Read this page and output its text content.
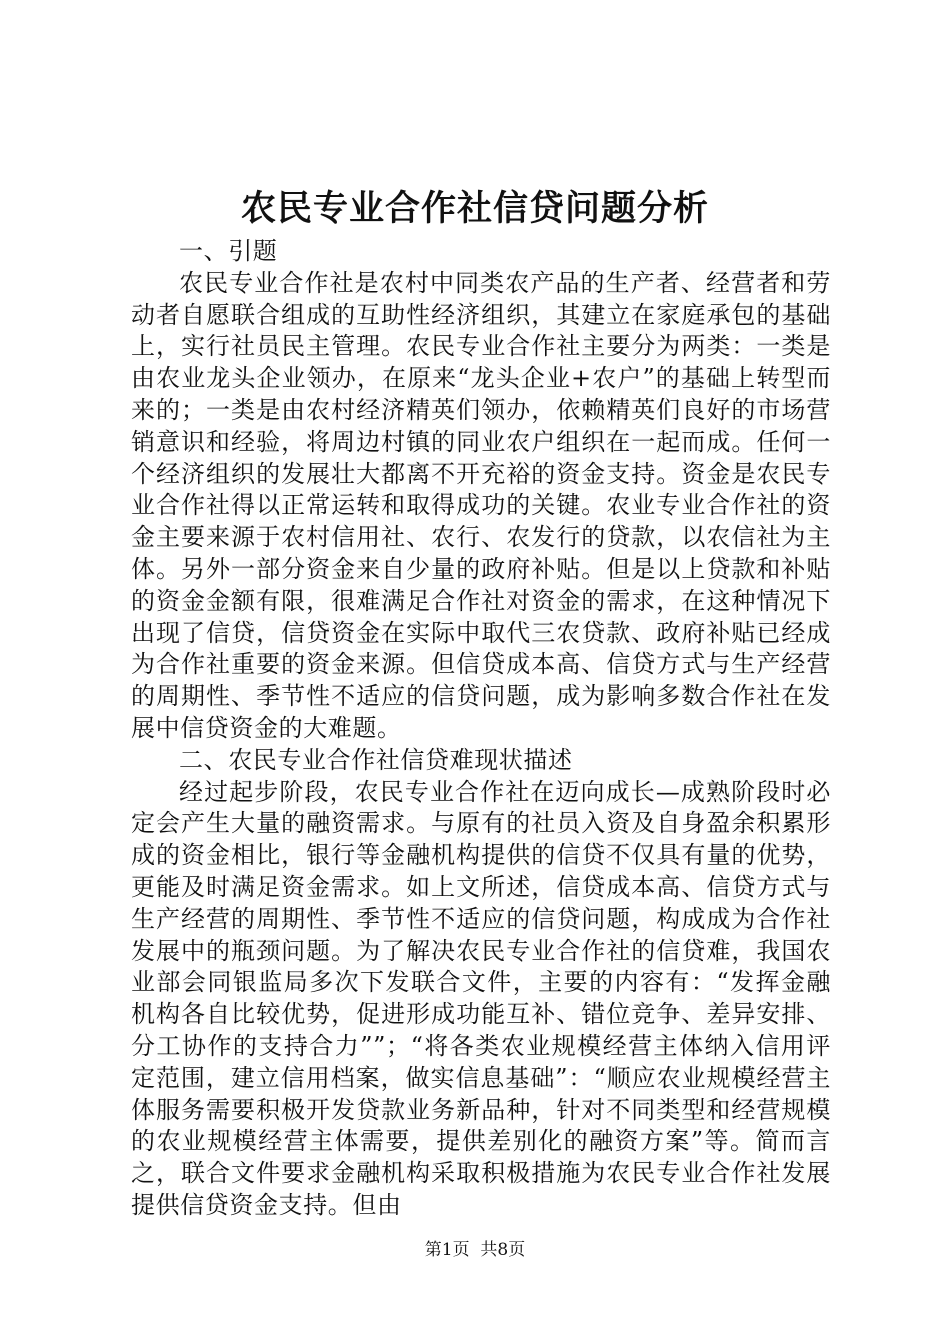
农民专业合作社信贷问题分析

一、引题

农民专业合作社是农村中同类农产品的生产者、经营者和劳动者自愿联合组成的互助性经济组织，其建立在家庭承包的基础上，实行社员民主管理。农民专业合作社主要分为两类：一类是由农业龙头企业领办，在原来“龙头企业+农户”的基础上转型而来的；一类是由农村经济精英们领办，依赖精英们良好的市场营销意识和经验，将周边村镇的同业农户组织在一起而成。任何一个经济组织的发展壮大都离不开充裕的资金支持。资金是农民专业合作社得以正常运转和取得成功的关键。农业专业合作社的资金主要来源于农村信用社、农行、农发行的贷款，以农信社为主体。另外一部分资金来自少量的政府补贴。但是以上贷款和补贴的资金金额有限，很难满足合作社对资金的需求，在这种情况下出现了信贷，信贷资金在实际中取代三农贷款、政府补贴已经成为合作社重要的资金来源。但信贷成本高、信贷方式与生产经营的周期性、季节性不适应的信贷问题，成为影响多数合作社在发展中信贷资金的大难题。

二、农民专业合作社信贷难现状描述

经过起步阶段，农民专业合作社在迈向成长—成熟阶段时必定会产生大量的融资需求。与原有的社员入资及自身盈余积累形成的资金相比，银行等金融机构提供的信贷不仅具有量的优势，更能及时满足资金需求。如上文所述，信贷成本高、信贷方式与生产经营的周期性、季节性不适应的信贷问题，构成成为合作社发展中的瓶颈问题。为了解决农民专业合作社的信贷难，我国农业部会同银监局多次下发联合文件，主要的内容有：“发挥金融机构各自比较优势，促进形成功能互补、错位竞争、差异安排、分工协作的支持合力””；“将各类农业规模经营主体纳入信用评定范围，建立信用档案，做实信息基础”：“顺应农业规模经营主体服务需要积极开发贷款业务新品种，针对不同类型和经营规模的农业规模经营主体需要，提供差别化的融资方案”等。简而言之，联合文件要求金融机构采取积极措施为农民专业合作社发展提供信贷资金支持。但由

第1页 共8页
